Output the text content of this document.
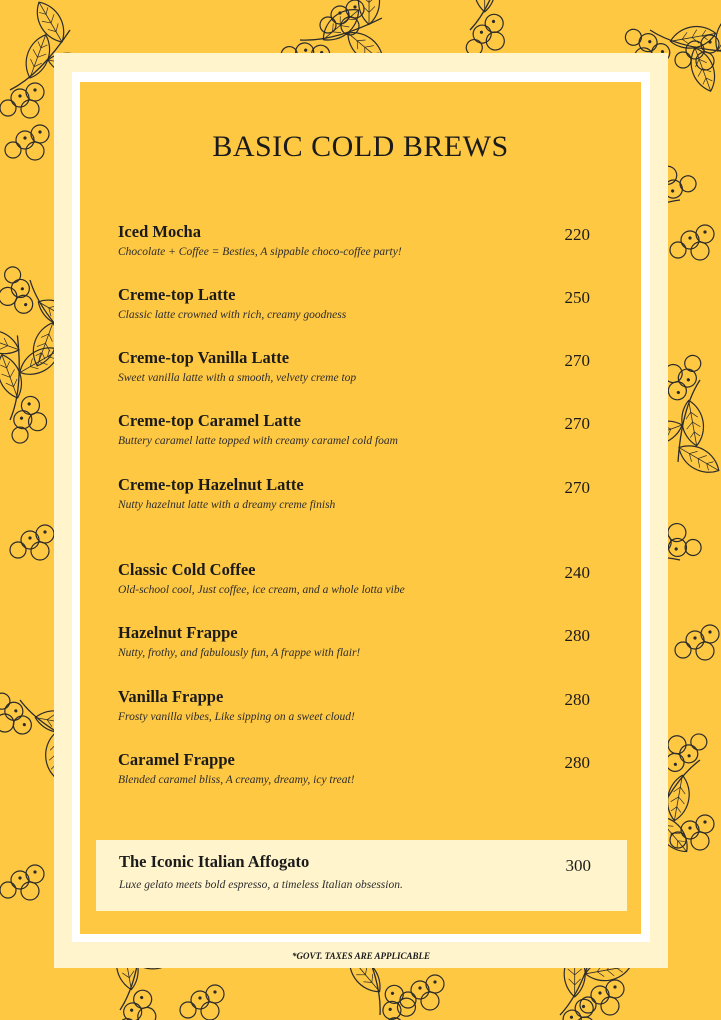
BASIC COLD BREWS
Iced Mocha
Chocolate + Coffee = Besties, A sippable choco-coffee party!
220
Creme-top Latte
Classic latte crowned with rich, creamy goodness
250
Creme-top Vanilla Latte
Sweet vanilla latte with a smooth, velvety creme top
270
Creme-top Caramel Latte
Buttery caramel latte topped with creamy caramel cold foam
270
Creme-top Hazelnut Latte
Nutty hazelnut latte with a dreamy creme finish
270
Classic Cold Coffee
Old-school cool, Just coffee, ice cream, and a whole lotta vibe
240
Hazelnut Frappe
Nutty, frothy, and fabulously fun, A frappe with flair!
280
Vanilla Frappe
Frosty vanilla vibes, Like sipping on a sweet cloud!
280
Caramel Frappe
Blended caramel bliss, A creamy, dreamy, icy treat!
280
The Iconic Italian Affogato
Luxe gelato meets bold espresso, a timeless Italian obsession.
300
*GOVT. TAXES ARE APPLICABLE
